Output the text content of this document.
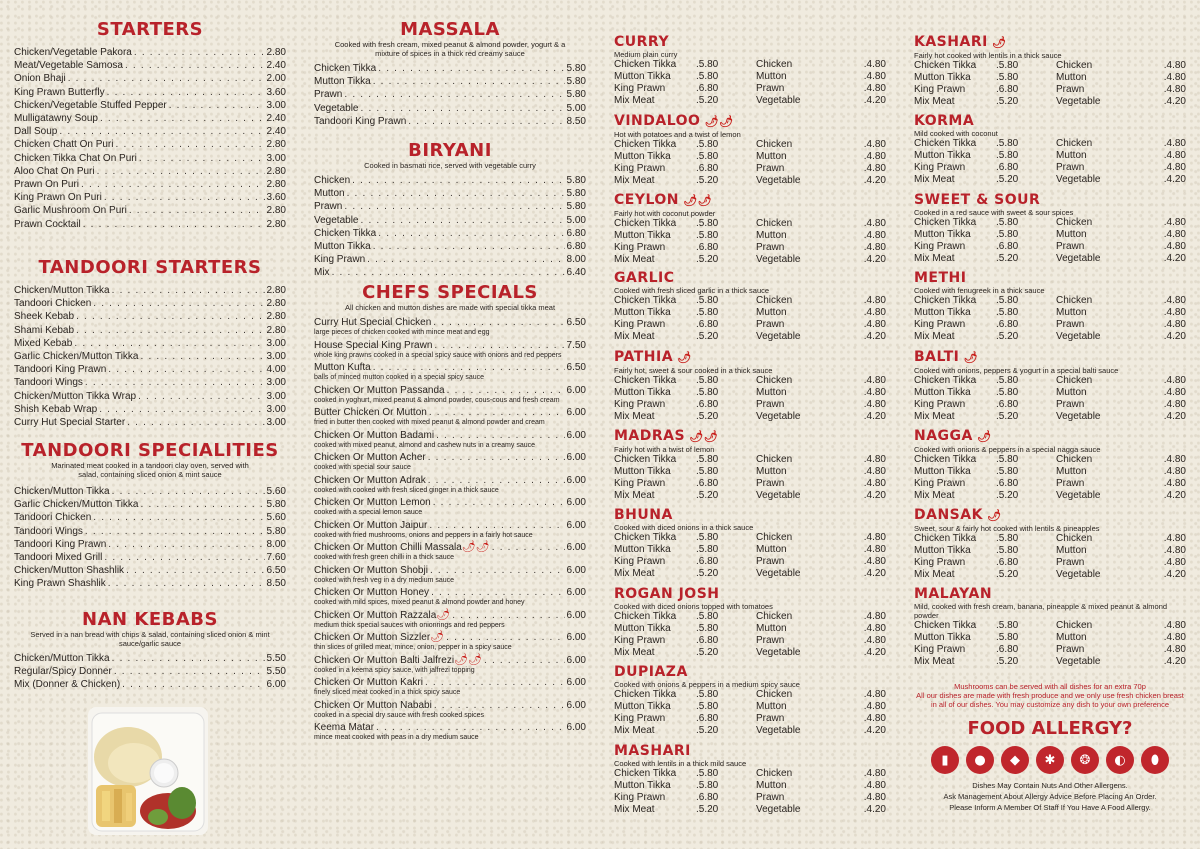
STARTERS
Chicken/Vegetable Pakora . . .	2.80
Meat/Vegetable Samosa . . .	2.40
Onion Bhaji . . .	2.00
King Prawn Butterfly . . .	3.60
Chicken/Vegetable Stuffed Pepper . . .	3.00
Mulligatawny Soup . . .	2.40
Dall Soup . . .	2.40
Chicken Chatt On Puri . . .	2.80
Chicken Tikka Chat On Puri . . .	3.00
Aloo Chat On Puri . . .	2.80
Prawn On Puri . . .	2.80
King Prawn On Puri . . .	3.60
Garlic Mushroom On Puri . . .	2.80
Prawn Cocktail . . .	2.80
TANDOORI STARTERS
Chicken/Mutton Tikka . . .	2.80
Tandoori Chicken . . .	2.80
Sheek Kebab . . .	2.80
Shami Kebab . . .	2.80
Mixed Kebab . . .	3.00
Garlic Chicken/Mutton Tikka . . .	3.00
Tandoori King Prawn . . .	4.00
Tandoori Wings . . .	3.00
Chicken/Mutton Tikka Wrap . . .	3.00
Shish Kebab Wrap . . .	3.00
Curry Hut Special Starter . . .	3.00
TANDOORI SPECIALITIES
Marinated meat cooked in a tandoori clay oven, served with salad, containing sliced onion & mint sauce
Chicken/Mutton Tikka . . .	5.60
Garlic Chicken/Mutton Tikka . . .	5.80
Tandoori Chicken . . .	5.60
Tandoori Wings . . .	5.80
Tandoori King Prawn . . .	8.00
Tandoori Mixed Grill . . .	7.60
Chicken/Mutton Shashlik . . .	6.50
King Prawn Shashlik . . .	8.50
NAN KEBABS
Served in a nan bread with chips & salad, containing sliced onion & mint sauce/garlic sauce
Chicken/Mutton Tikka . . .	5.50
Regular/Spicy Donner . . .	5.50
Mix (Donner & Chicken) . . .	6.00
MASSALA
Cooked with fresh cream, mixed peanut & almond powder, yogurt & a mixture of spices in a thick red creamy sauce
Chicken Tikka . . .	5.80
Mutton Tikka . . .	5.80
Prawn . . .	5.80
Vegetable . . .	5.00
Tandoori King Prawn . . .	8.50
BIRYANI
Cooked in basmati rice, served with vegetable curry
Chicken . . .	5.80
Mutton . . .	5.80
Prawn . . .	5.80
Vegetable . . .	5.00
Chicken Tikka . . .	6.80
Mutton Tikka . . .	6.80
King Prawn . . .	8.00
Mix . . .	6.40
CHEFS SPECIALS
All chicken and mutton dishes are made with special tikka meat
Curry Hut Special Chicken . . .	6.50
large pieces of chicken cooked with mince meat and egg
House Special King Prawn . . .	7.50
whole king prawns cooked in a special spicy sauce with onions and red peppers
Mutton Kufta . . .	6.50
balls of minced mutton cooked in a special spicy sauce
Chicken Or Mutton Passanda . . .	6.00
cooked in yoghurt, mixed peanut & almond powder, cous-cous and fresh cream
Butter Chicken Or Mutton . . .	6.00
fried in butter then cooked with mixed peanut & almond powder and cream
Chicken Or Mutton Badami . . .	6.00
cooked with mixed peanut, almond and cashew nuts in a creamy sauce
Chicken Or Mutton Acher . . .	6.00
cooked with special sour sauce
Chicken Or Mutton Adrak . . .	6.00
cooked with cooked with fresh sliced ginger in a thick sauce
Chicken Or Mutton Lemon . . .	6.00
cooked with a special lemon sauce
Chicken Or Mutton Jaipur . . .	6.00
cooked with fried mushrooms, onions and peppers in a fairly hot sauce
Chicken Or Mutton Chilli Massala 🌶🌶 . . .	6.00
cooked with fresh green chilli in a thick sauce
Chicken Or Mutton Shobji . . .	6.00
cooked with fresh veg in a dry medium sauce
Chicken Or Mutton Honey . . .	6.00
cooked with mild spices, mixed peanut & almond powder and honey
Chicken Or Mutton Razzala 🌶 . . .	6.00
medium thick special sauces with onionrings and red peppers
Chicken Or Mutton Sizzler 🌶 . . .	6.00
thin slices of grilled meat, mince, onion, pepper in a spicy sauce
Chicken Or Mutton Balti Jalfrezi 🌶🌶 . . .	6.00
cooked in a keema spicy sauce, with jalfrezi topping
Chicken Or Mutton Kakri . . .	6.00
finely sliced meat cooked in a thick spicy sauce
Chicken Or Mutton Nababi . . .	6.00
cooked in a special dry sauce with fresh cooked spices
Keema Matar . . .	6.00
mince meat cooked with peas in a dry medium sauce
CURRY
Medium plain curry
Chicken Tikka	.5.80	Chicken	.4.80
Mutton Tikka	.5.80	Mutton	.4.80
King Prawn	.6.80	Prawn	.4.80
Mix Meat	.5.20	Vegetable	.4.20
VINDALOO 🌶🌶
Hot with potatoes and a twist of lemon
Chicken Tikka	.5.80	Chicken	.4.80
Mutton Tikka	.5.80	Mutton	.4.80
King Prawn	.6.80	Prawn	.4.80
Mix Meat	.5.20	Vegetable	.4.20
CEYLON 🌶🌶
Fairly hot with coconut powder
Chicken Tikka	.5.80	Chicken	.4.80
Mutton Tikka	.5.80	Mutton	.4.80
King Prawn	.6.80	Prawn	.4.80
Mix Meat	.5.20	Vegetable	.4.20
GARLIC
Cooked with fresh sliced garlic in a thick sauce
Chicken Tikka	.5.80	Chicken	.4.80
Mutton Tikka	.5.80	Mutton	.4.80
King Prawn	.6.80	Prawn	.4.80
Mix Meat	.5.20	Vegetable	.4.20
PATHIA 🌶
Fairly hot, sweet & sour cooked in a thick sauce
Chicken Tikka	.5.80	Chicken	.4.80
Mutton Tikka	.5.80	Mutton	.4.80
King Prawn	.6.80	Prawn	.4.80
Mix Meat	.5.20	Vegetable	.4.20
MADRAS 🌶🌶
Fairly hot with a twist of lemon
Chicken Tikka	.5.80	Chicken	.4.80
Mutton Tikka	.5.80	Mutton	.4.80
King Prawn	.6.80	Prawn	.4.80
Mix Meat	.5.20	Vegetable	.4.20
BHUNA
Cooked with diced onions in a thick sauce
Chicken Tikka	.5.80	Chicken	.4.80
Mutton Tikka	.5.80	Mutton	.4.80
King Prawn	.6.80	Prawn	.4.80
Mix Meat	.5.20	Vegetable	.4.20
ROGAN JOSH
Cooked with diced onions topped with tomatoes
Chicken Tikka	.5.80	Chicken	.4.80
Mutton Tikka	.5.80	Mutton	.4.80
King Prawn	.6.80	Prawn	.4.80
Mix Meat	.5.20	Vegetable	.4.20
DUPIAZA
Cooked with onions & peppers in a medium spicy sauce
Chicken Tikka	.5.80	Chicken	.4.80
Mutton Tikka	.5.80	Mutton	.4.80
King Prawn	.6.80	Prawn	.4.80
Mix Meat	.5.20	Vegetable	.4.20
MASHARI
Cooked with lentils in a thick mild sauce
Chicken Tikka	.5.80	Chicken	.4.80
Mutton Tikka	.5.80	Mutton	.4.80
King Prawn	.6.80	Prawn	.4.80
Mix Meat	.5.20	Vegetable	.4.20
KASHARI 🌶
Fairly hot cooked with lentils in a thick sauce
Chicken Tikka	.5.80	Chicken	.4.80
Mutton Tikka	.5.80	Mutton	.4.80
King Prawn	.6.80	Prawn	.4.80
Mix Meat	.5.20	Vegetable	.4.20
KORMA
Mild cooked with coconut
Chicken Tikka	.5.80	Chicken	.4.80
Mutton Tikka	.5.80	Mutton	.4.80
King Prawn	.6.80	Prawn	.4.80
Mix Meat	.5.20	Vegetable	.4.20
SWEET & SOUR
Cooked in a red sauce with sweet & sour spices
Chicken Tikka	.5.80	Chicken	.4.80
Mutton Tikka	.5.80	Mutton	.4.80
King Prawn	.6.80	Prawn	.4.80
Mix Meat	.5.20	Vegetable	.4.20
METHI
Cooked with fenugreek in a thick sauce
Chicken Tikka	.5.80	Chicken	.4.80
Mutton Tikka	.5.80	Mutton	.4.80
King Prawn	.6.80	Prawn	.4.80
Mix Meat	.5.20	Vegetable	.4.20
BALTI 🌶
Cooked with onions, peppers & yogurt in a special balti sauce
Chicken Tikka	.5.80	Chicken	.4.80
Mutton Tikka	.5.80	Mutton	.4.80
King Prawn	.6.80	Prawn	.4.80
Mix Meat	.5.20	Vegetable	.4.20
NAGGA 🌶
Cooked with onions & peppers in a special nagga sauce
Chicken Tikka	.5.80	Chicken	.4.80
Mutton Tikka	.5.80	Mutton	.4.80
King Prawn	.6.80	Prawn	.4.80
Mix Meat	.5.20	Vegetable	.4.20
DANSAK 🌶
Sweet, sour & fairly hot cooked with lentils & pineapples
Chicken Tikka	.5.80	Chicken	.4.80
Mutton Tikka	.5.80	Mutton	.4.80
King Prawn	.6.80	Prawn	.4.80
Mix Meat	.5.20	Vegetable	.4.20
MALAYAN
Mild, cooked with fresh cream, banana, pineapple & mixed peanut & almond powder
Chicken Tikka	.5.80	Chicken	.4.80
Mutton Tikka	.5.80	Mutton	.4.80
King Prawn	.6.80	Prawn	.4.80
Mix Meat	.5.20	Vegetable	.4.20
Mushrooms can be served with all dishes for an extra 70p
All our dishes are made with fresh produce and we only use fresh chicken breast in all of our dishes. You may customize any dish to your own preference
FOOD ALLERGY?
▮	●	◆	✱	❂	◐	⬮
Dishes May Contain Nuts And Other Allergens.
Ask Management About Allergy Advice Before Placing An Order.
Please Inform A Member Of Staff If You Have A Food Allergy.
